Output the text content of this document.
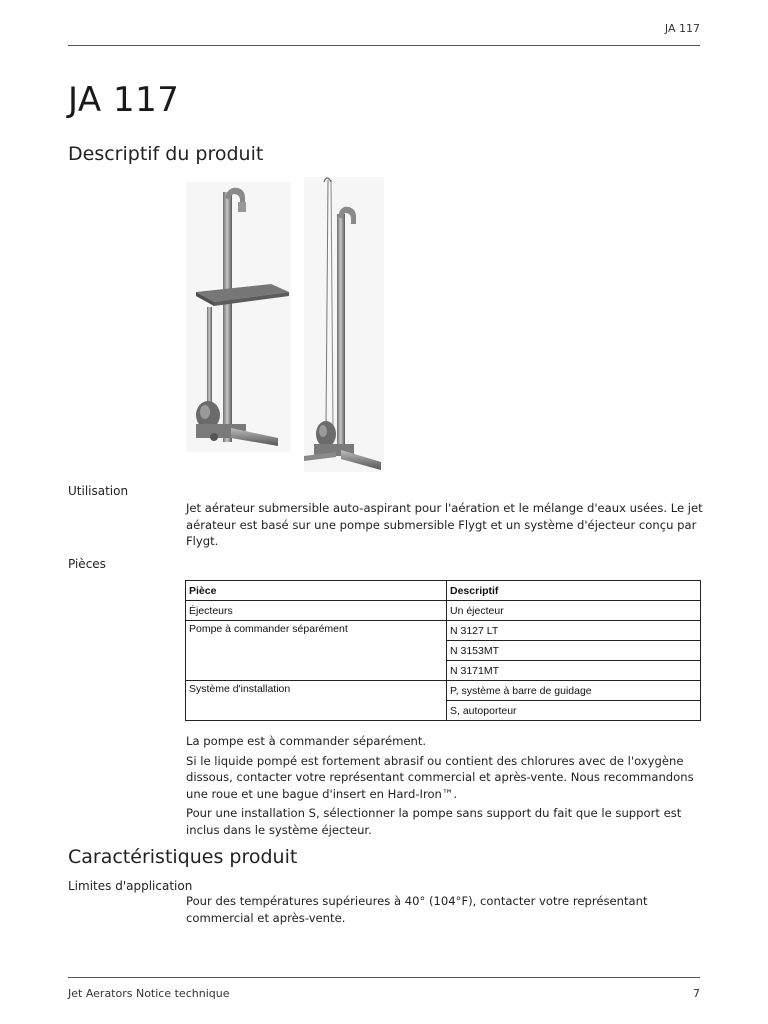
JA 117
JA 117
Descriptif du produit
Utilisation

Jet aérateur submersible auto-aspirant pour l'aération et le mélange d'eaux usées. Le jet aérateur est basé sur une pompe submersible Flygt et un système d'éjecteur conçu par Flygt.

Pièces
Pièce	Descriptif
Éjecteurs	Un éjecteur
Pompe à commander séparément	N 3127 LT
	N 3153MT
	N 3171MT
Système d'installation	P, système à barre de guidage
	S, autoporteur

La pompe est à commander séparément.

Si le liquide pompé est fortement abrasif ou contient des chlorures avec de l'oxygène dissous, contacter votre représentant commercial et après-vente. Nous recommandons une roue et une bague d'insert en Hard-Iron™.

Pour une installation S, sélectionner la pompe sans support du fait que le support est inclus dans le système éjecteur.

Caractéristiques produit
Limites d'application

Pour des températures supérieures à 40° (104°F), contacter votre représentant commercial et après-vente.

Jet Aerators Notice technique	7
